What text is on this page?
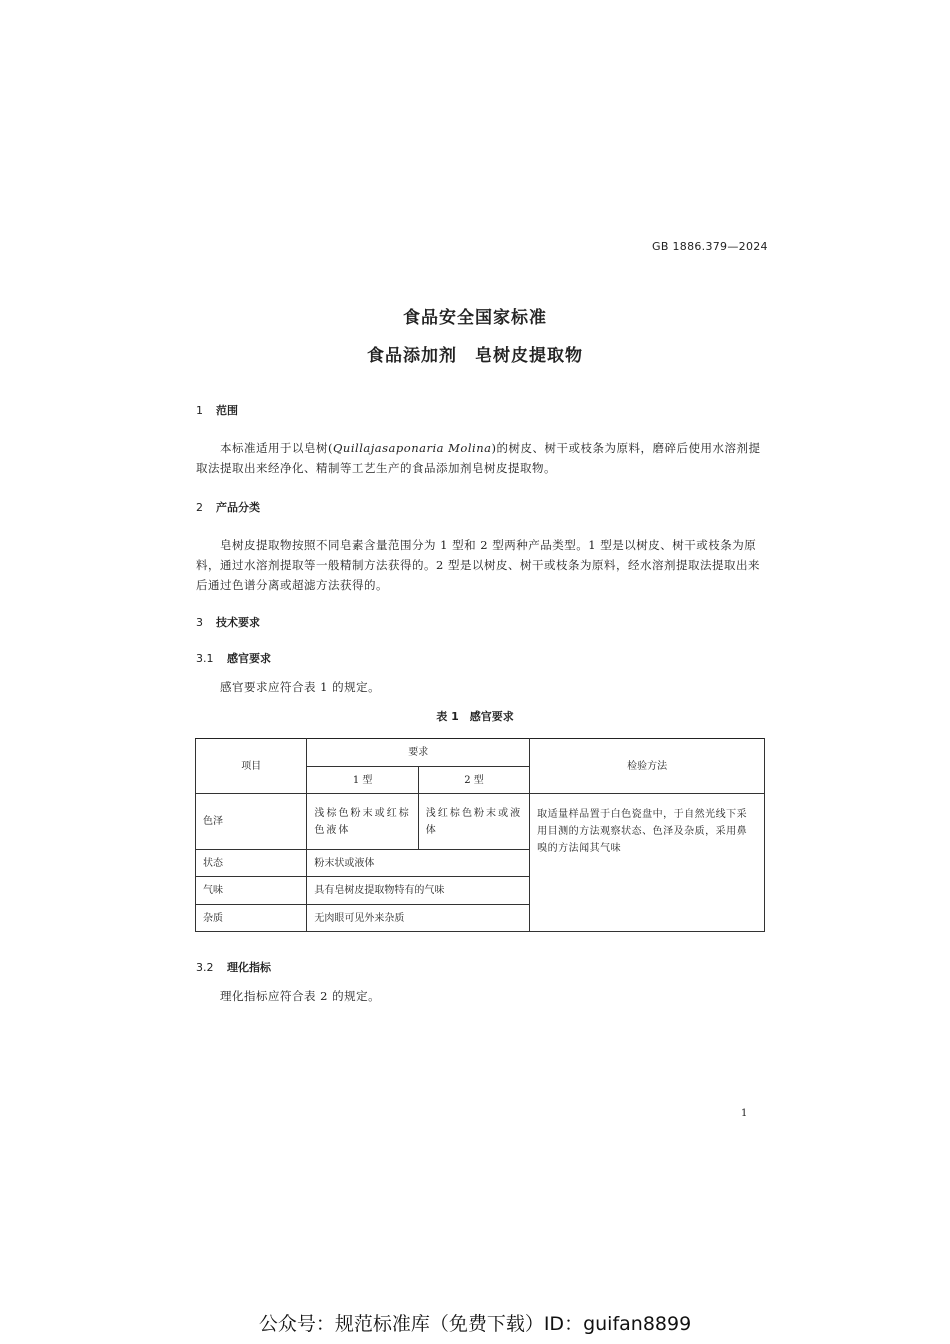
GB 1886.379—2024
食品安全国家标准
食品添加剂　皂树皮提取物
1 范围
本标准适用于以皂树(Quillajasaponaria Molina)的树皮、树干或枝条为原料，磨碎后使用水溶剂提取法提取出来经净化、精制等工艺生产的食品添加剂皂树皮提取物。
2 产品分类
皂树皮提取物按照不同皂素含量范围分为 1 型和 2 型两种产品类型。1 型是以树皮、树干或枝条为原料，通过水溶剂提取等一般精制方法获得的。2 型是以树皮、树干或枝条为原料，经水溶剂提取法提取出来后通过色谱分离或超滤方法获得的。
3 技术要求
3.1 感官要求
感官要求应符合表 1 的规定。
表 1　感官要求
项目	要求		检验方法
	1 型	2 型	
色泽	浅棕色粉末或红棕色液体	浅红棕色粉末或液体	取适量样品置于白色瓷盘中，于自然光线下采用目测的方法观察状态、色泽及杂质，采用鼻嗅的方法闻其气味
状态	粉末状或液体		
气味	具有皂树皮提取物特有的气味		
杂质	无肉眼可见外来杂质		
3.2 理化指标
理化指标应符合表 2 的规定。
1
公众号：规范标准库（免费下载）ID：guifan8899
